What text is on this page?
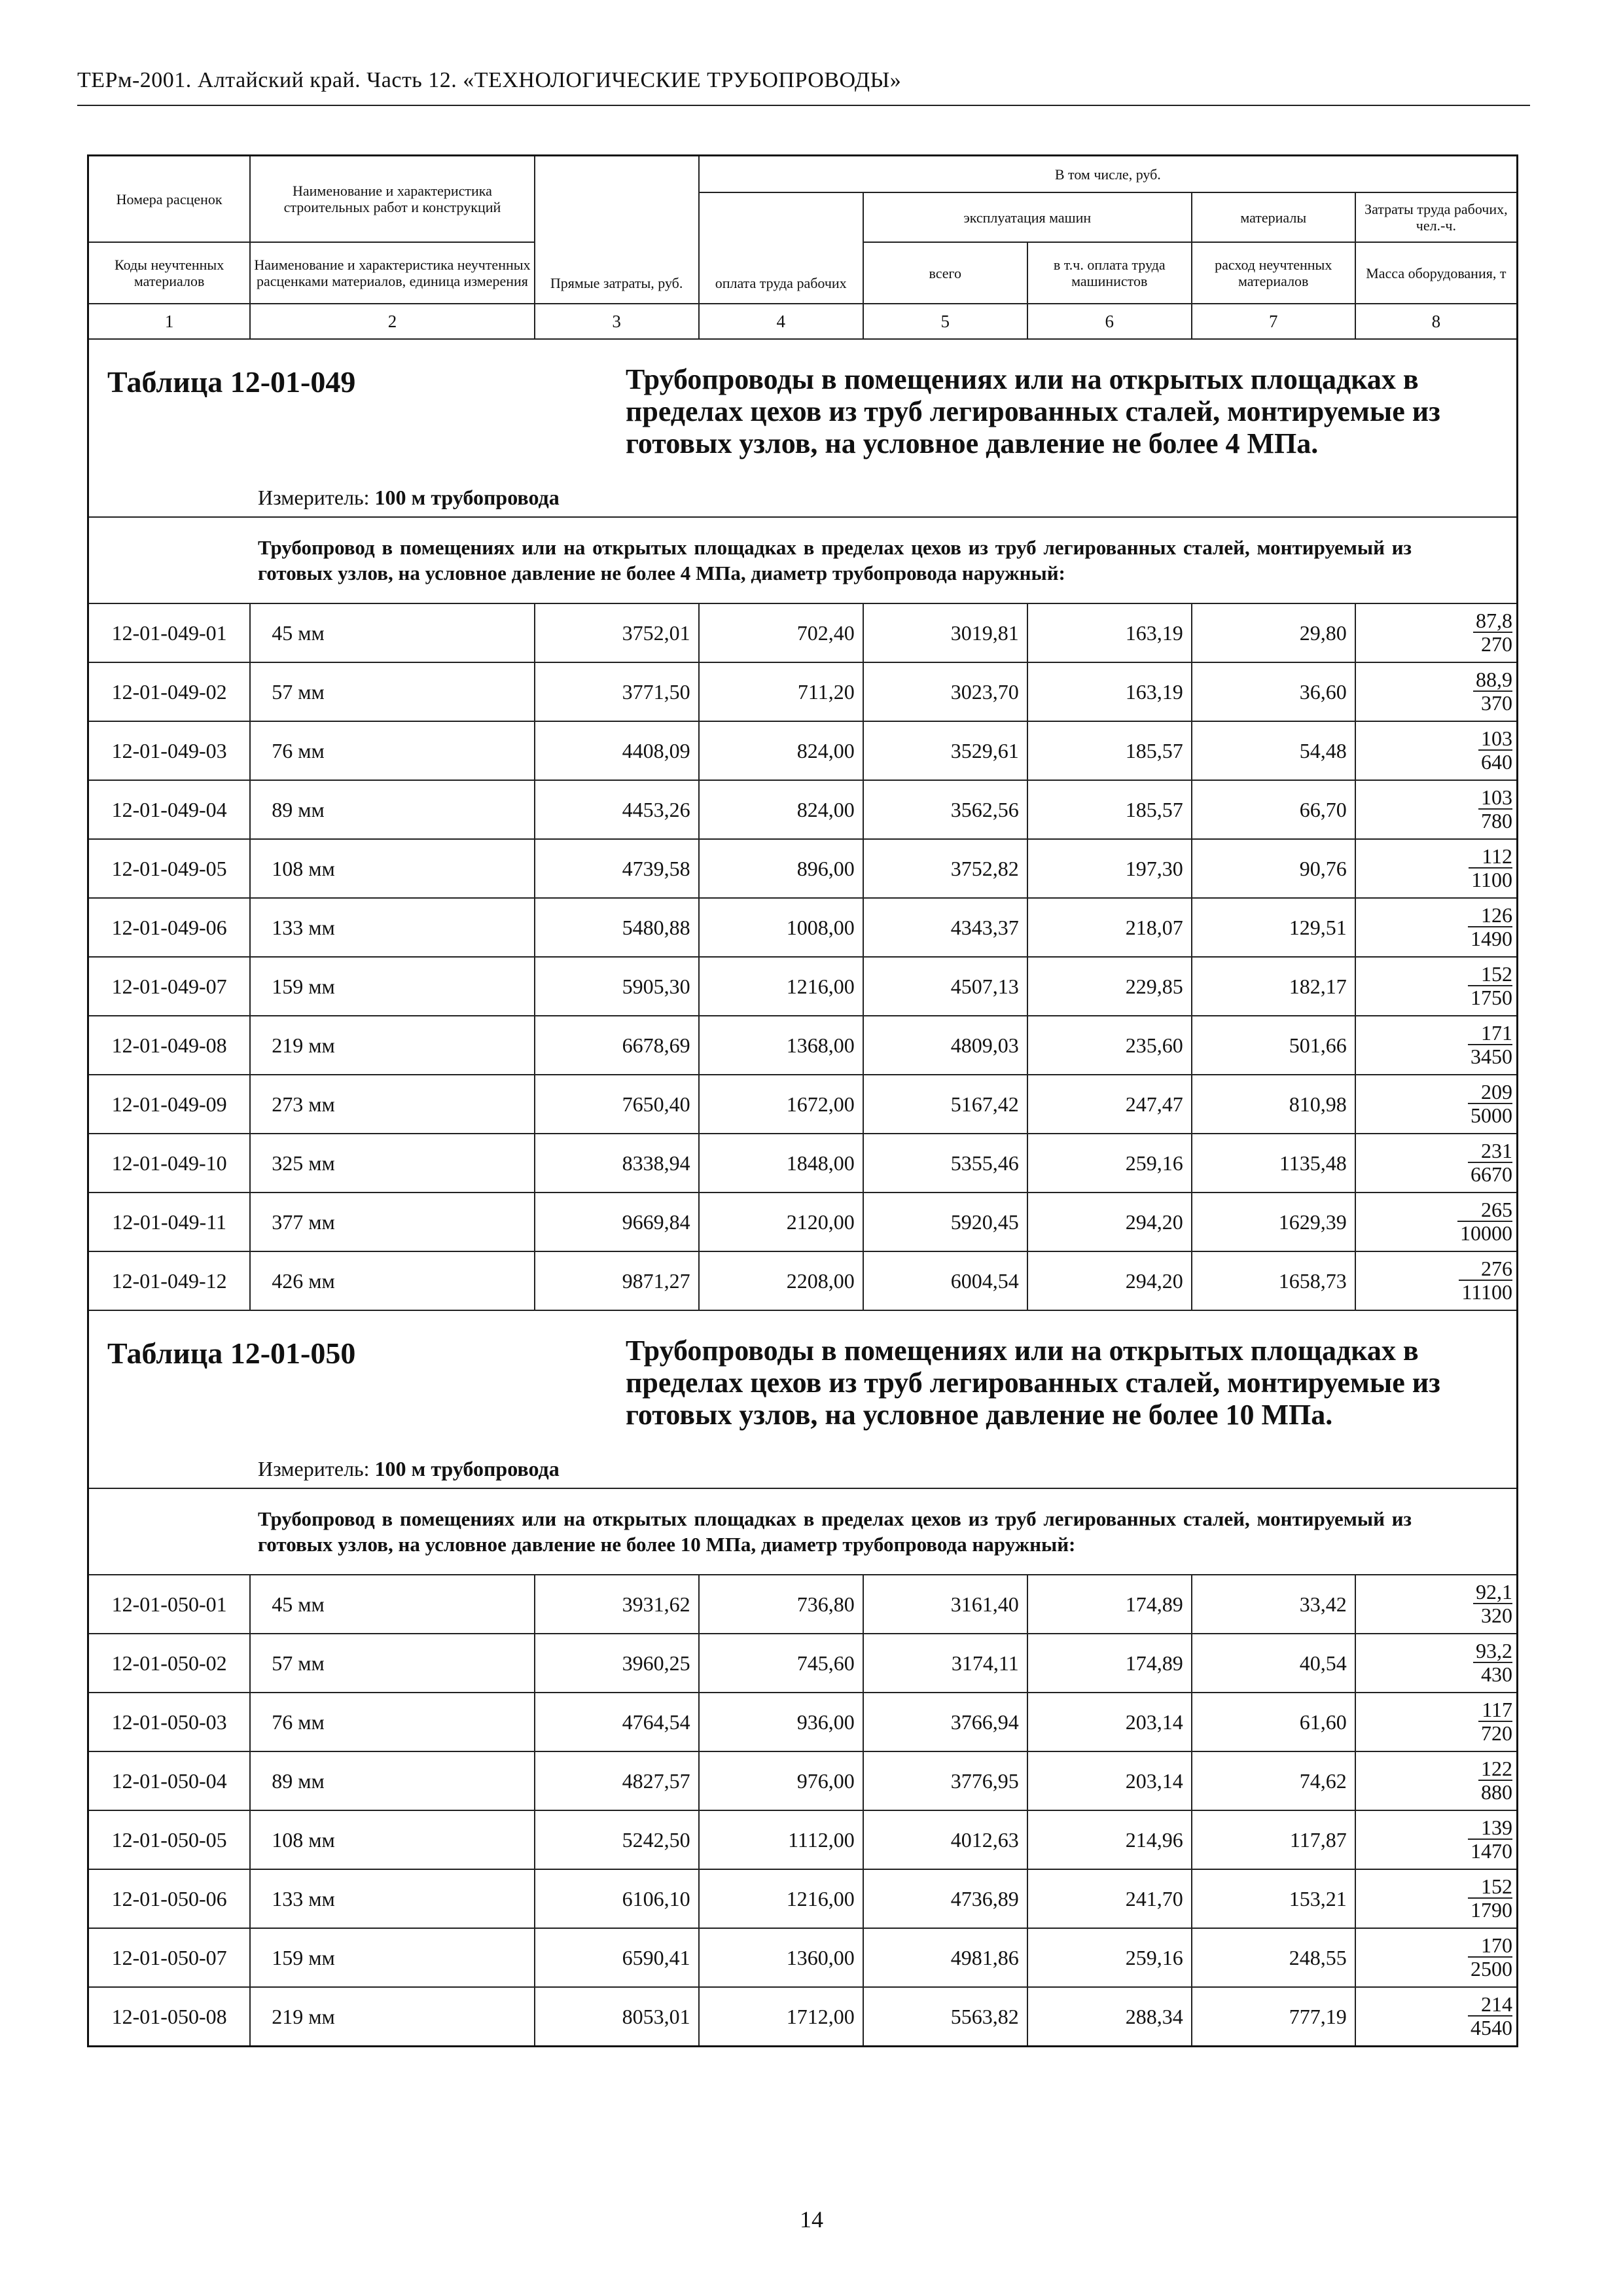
ТЕРм-2001. Алтайский край. Часть 12. «ТЕХНОЛОГИЧЕСКИЕ ТРУБОПРОВОДЫ»
Номера расценок	Наименование и характеристика строительных работ и конструкций	Прямые затраты, руб.	В том числе, руб.				
			оплата труда рабочих	эксплуатация машин		материалы	Затраты труда рабочих, чел.-ч.
Коды неучтенных материалов	Наименование и характеристика неучтенных расценками материалов, единица измерения			всего	в т.ч. оплата труда машинистов	расход неучтенных материалов	Масса оборудования, т
1	2	3	4	5	6	7	8

Таблица 12-01-049 Трубопроводы в помещениях или на открытых площадках в пределах цехов из труб легированных сталей, монтируемые из готовых узлов, на условное давление не более 4 МПа.
Измеритель: 100 м трубопровода							

Трубопровод в помещениях или на открытых площадках в пределах цехов из труб легированных сталей, монтируемый из готовых узлов, на условное давление не более 4 МПа, диаметр трубопровода наружный:							
12-01-049-01	45 мм	3752,01	702,40	3019,81	163,19	29,80	$\frac{87,8}{270}$

12-01-049-02	57 мм	3771,50	711,20	3023,70	163,19	36,60	$\frac{88,9}{370}$

12-01-049-03	76 мм	4408,09	824,00	3529,61	185,57	54,48	$\frac{103}{640}$

12-01-049-04	89 мм	4453,26	824,00	3562,56	185,57	66,70	$\frac{103}{780}$

12-01-049-05	108 мм	4739,58	896,00	3752,82	197,30	90,76	$\frac{112}{1100}$

12-01-049-06	133 мм	5480,88	1008,00	4343,37	218,07	129,51	$\frac{126}{1490}$

12-01-049-07	159 мм	5905,30	1216,00	4507,13	229,85	182,17	$\frac{152}{1750}$

12-01-049-08	219 мм	6678,69	1368,00	4809,03	235,60	501,66	$\frac{171}{3450}$

12-01-049-09	273 мм	7650,40	1672,00	5167,42	247,47	810,98	$\frac{209}{5000}$

12-01-049-10	325 мм	8338,94	1848,00	5355,46	259,16	1135,48	$\frac{231}{6670}$

12-01-049-11	377 мм	9669,84	2120,00	5920,45	294,20	1629,39	$\frac{265}{10000}$

12-01-049-12	426 мм	9871,27	2208,00	6004,54	294,20	1658,73	$\frac{276}{11100}$

Таблица 12-01-050 Трубопроводы в помещениях или на открытых площадках в пределах цехов из труб легированных сталей, монтируемые из готовых узлов, на условное давление не более 10 МПа.
Измеритель: 100 м трубопровода							

Трубопровод в помещениях или на открытых площадках в пределах цехов из труб легированных сталей, монтируемый из готовых узлов, на условное давление не более 10 МПа, диаметр трубопровода наружный:							
12-01-050-01	45 мм	3931,62	736,80	3161,40	174,89	33,42	$\frac{92,1}{320}$

12-01-050-02	57 мм	3960,25	745,60	3174,11	174,89	40,54	$\frac{93,2}{430}$

12-01-050-03	76 мм	4764,54	936,00	3766,94	203,14	61,60	$\frac{117}{720}$

12-01-050-04	89 мм	4827,57	976,00	3776,95	203,14	74,62	$\frac{122}{880}$

12-01-050-05	108 мм	5242,50	1112,00	4012,63	214,96	117,87	$\frac{139}{1470}$

12-01-050-06	133 мм	6106,10	1216,00	4736,89	241,70	153,21	$\frac{152}{1790}$

12-01-050-07	159 мм	6590,41	1360,00	4981,86	259,16	248,55	$\frac{170}{2500}$

12-01-050-08	219 мм	8053,01	1712,00	5563,82	288,34	777,19	$\frac{214}{4540}$
14
